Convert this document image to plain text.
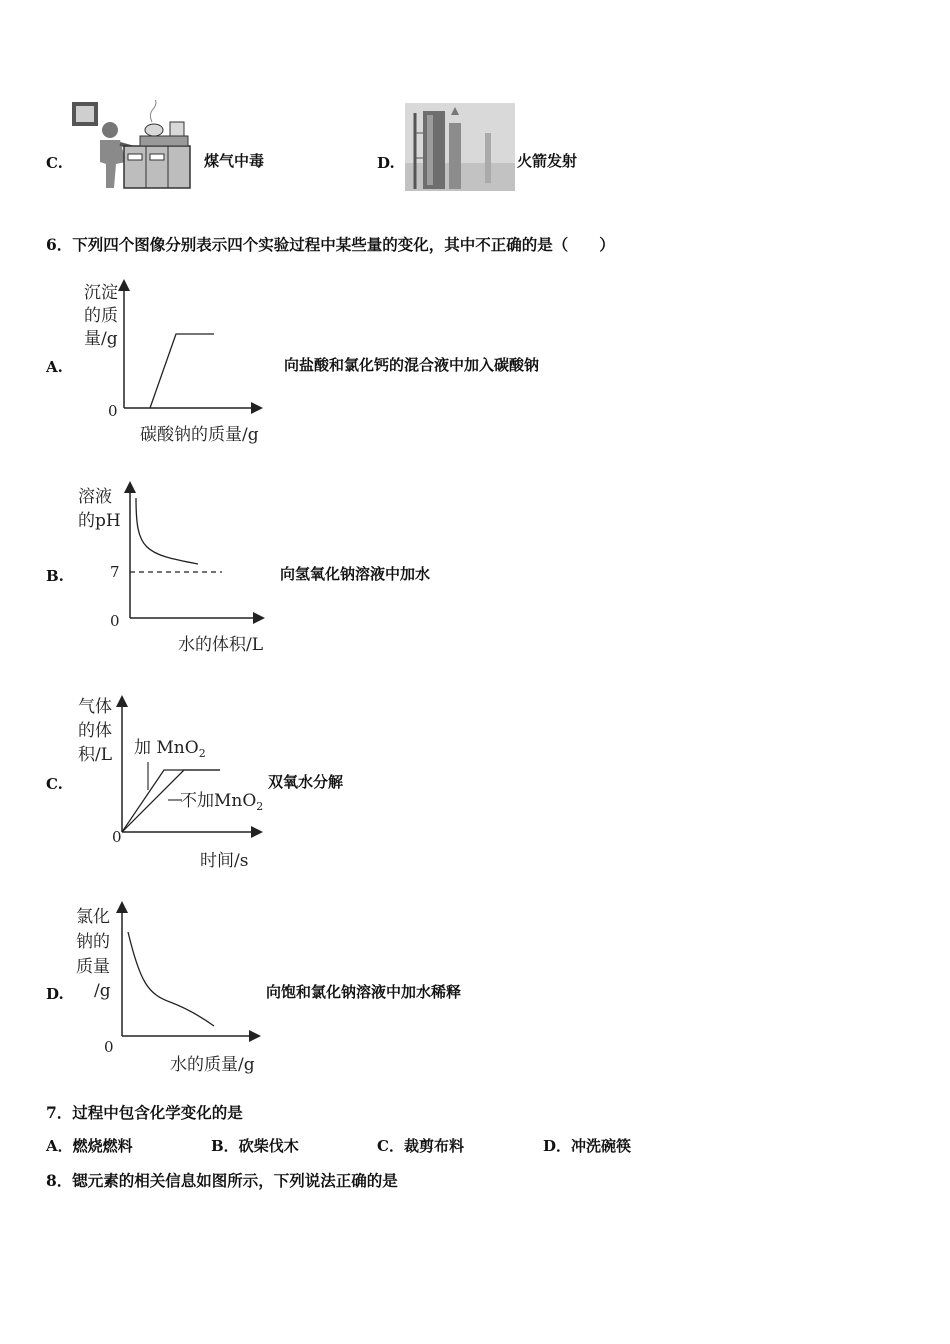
C.	煤气中毒	D.	火箭发射
6．下列四个图像分别表示四个实验过程中某些量的变化，其中不正确的是（　　）
A.
沉淀
的质
量/g
0
碳酸钠的质量/g
向盐酸和氯化钙的混合液中加入碳酸钠
B.
溶液
的pH
0
7
水的体积/L
向氢氧化钠溶液中加水
C.
气体
的体
积/L
0
加 MnO$_2$
不加MnO$_2$
时间/s
双氧水分解
D.
氯化
钠的
质量
/g
0
水的质量/g
向饱和氯化钠溶液中加水稀释
7．过程中包含化学变化的是
A．燃烧燃料	B．砍柴伐木	C．裁剪布料	D．冲洗碗筷
8．锶元素的相关信息如图所示，下列说法正确的是
